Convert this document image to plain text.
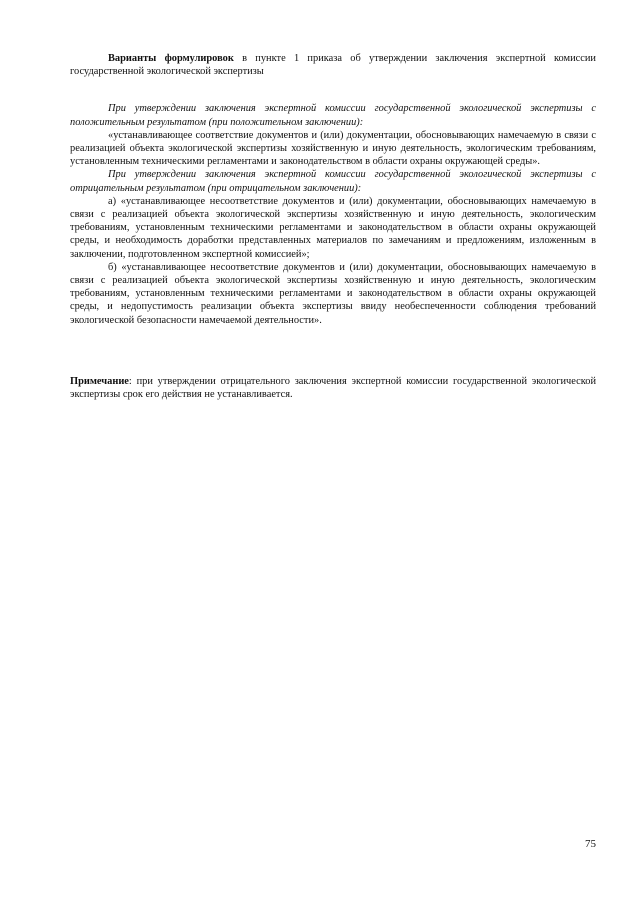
Варианты формулировок в пункте 1 приказа об утверждении заключения экспертной комиссии государственной экологической экспертизы

При утверждении заключения экспертной комиссии государственной экологической экспертизы с положительным результатом (при положительном заключении):

«устанавливающее соответствие документов и (или) документации, обосновывающих намечаемую в связи с реализацией объекта экологической экспертизы хозяйственную и иную деятельность, экологическим требованиям, установленным техническими регламентами и законодательством в области охраны окружающей среды».

При утверждении заключения экспертной комиссии государственной экологической экспертизы с отрицательным результатом (при отрицательном заключении):

а) «устанавливающее несоответствие документов и (или) документации, обосновывающих намечаемую в связи с реализацией объекта экологической экспертизы хозяйственную и иную деятельность, экологическим требованиям, установленным техническими регламентами и законодательством в области охраны окружающей среды, и необходимость доработки представленных материалов по замечаниям и предложениям, изложенным в заключении, подготовленном экспертной комиссией»;

б) «устанавливающее несоответствие документов и (или) документации, обосновывающих намечаемую в связи с реализацией объекта экологической экспертизы хозяйственную и иную деятельность, экологическим требованиям, установленным техническими регламентами и законодательством в области охраны окружающей среды, и недопустимость реализации объекта экспертизы ввиду необеспеченности соблюдения требований экологической безопасности намечаемой деятельности».

Примечание: при утверждении отрицательного заключения экспертной комиссии государственной экологической экспертизы срок его действия не устанавливается.

75
